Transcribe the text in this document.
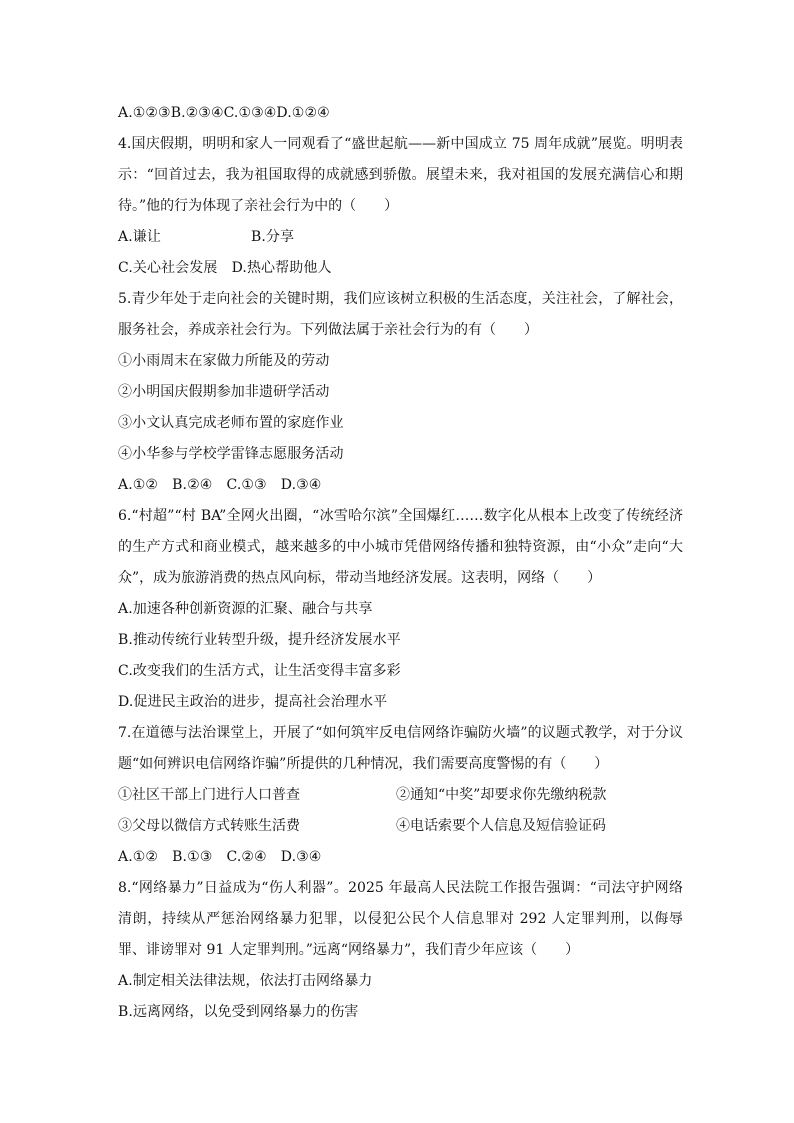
A.①②③B.②③④C.①③④D.①②④

4.国庆假期，明明和家人一同观看了“盛世起航——新中国成立 75 周年成就”展览。明明表示：“回首过去，我为祖国取得的成就感到骄傲。展望未来，我对祖国的发展充满信心和期待。”他的行为体现了亲社会行为中的（　　）

A.谦让	B.分享

C.关心社会发展　 D.热心帮助他人

5.青少年处于走向社会的关键时期，我们应该树立积极的生活态度，关注社会，了解社会，服务社会，养成亲社会行为。下列做法属于亲社会行为的有（　　）

①小雨周末在家做力所能及的劳动

②小明国庆假期参加非遗研学活动

③小文认真完成老师布置的家庭作业

④小华参与学校学雷锋志愿服务活动

A.①②　B.②④　C.①③　D.③④

6.“村超”“村 BA”全网火出圈，“冰雪哈尔滨”全国爆红……数字化从根本上改变了传统经济的生产方式和商业模式，越来越多的中小城市凭借网络传播和独特资源，由“小众”走向“大众”，成为旅游消费的热点风向标，带动当地经济发展。这表明，网络（　　）

A.加速各种创新资源的汇聚、融合与共享

B.推动传统行业转型升级，提升经济发展水平

C.改变我们的生活方式，让生活变得丰富多彩

D.促进民主政治的进步，提高社会治理水平

7.在道德与法治课堂上，开展了“如何筑牢反电信网络诈骗防火墙”的议题式教学，对于分议题“如何辨识电信网络诈骗”所提供的几种情况，我们需要高度警惕的有（　　）

①社区干部上门进行人口普查	②通知“中奖”却要求你先缴纳税款
③父母以微信方式转账生活费	④电话索要个人信息及短信验证码

A.①②　B.①③　C.②④　D.③④

8.“网络暴力”日益成为“伤人利器”。2025 年最高人民法院工作报告强调：“司法守护网络清朗，持续从严惩治网络暴力犯罪，以侵犯公民个人信息罪对 292 人定罪判刑，以侮辱罪、诽谤罪对 91 人定罪判刑。”远离“网络暴力”，我们青少年应该（　　）

A.制定相关法律法规，依法打击网络暴力

B.远离网络，以免受到网络暴力的伤害
